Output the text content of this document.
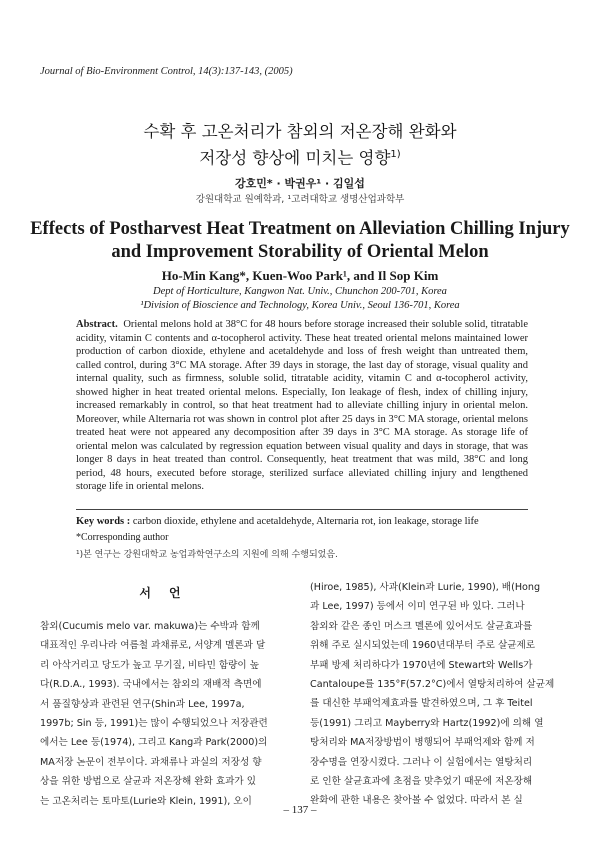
Journal of Bio-Environment Control, 14(3):137-143, (2005)
수확 후 고온처리가 참외의 저온장해 완화와
저장성 향상에 미치는 영향$^{1)}$
강호민* · 박권우¹ · 김일섭
강원대학교 원예학과, ¹고려대학교 생명산업과학부
Effects of Postharvest Heat Treatment on Alleviation Chilling Injury
and Improvement Storability of Oriental Melon
Ho-Min Kang*, Kuen-Woo Park¹, and Il Sop Kim
Dept of Horticulture, Kangwon Nat. Univ., Chunchon 200-701, Korea
¹Division of Bioscience and Technology, Korea Univ., Seoul 136-701, Korea
Abstract. Oriental melons hold at 38°C for 48 hours before storage increased their soluble solid, titratable acidity, vitamin C contents and α-tocopherol activity. These heat treated oriental melons maintained lower production of carbon dioxide, ethylene and acetaldehyde and loss of fresh weight than untreated them, called control, during 3°C MA storage. After 39 days in storage, the last day of storage, visual quality and internal quality, such as firmness, soluble solid, titratable acidity, vitamin C and α-tocopherol activity, showed higher in heat treated oriental melons. Especially, Ion leakage of flesh, index of chilling injury, increased remarkably in control, so that heat treatment had to alleviate chilling injury in oriental melon. Moreover, while Alternaria rot was shown in control plot after 25 days in 3°C MA storage, oriental melons treated heat were not appeared any decomposition after 39 days in 3°C MA storage. As storage life of oriental melon was calculated by regression equation between visual quality and days in storage, that was longer 8 days in heat treated than control. Consequently, heat treatment that was mild, 38°C and long period, 48 hours, executed before storage, sterilized surface alleviated chilling injury and lengthened storage life in oriental melons.
Key words : carbon dioxide, ethylene and acetaldehyde, Alternaria rot, ion leakage, storage life
*Corresponding author
¹)본 연구는 강원대학교 농업과학연구소의 지원에 의해 수행되었음.
서언
참외(Cucumis melo var. makuwa)는 수박과 함께
대표적인 우리나라 여름철 과채류로, 서양계 멜론과 달
리 아삭거리고 당도가 높고 무기질, 비타민 함량이 높
다(R.D.A., 1993). 국내에서는 참외의 재배적 측면에
서 품질향상과 관련된 연구(Shin과 Lee, 1997a,
1997b; Sin 등, 1991)는 많이 수행되었으나 저장관련
에서는 Lee 등(1974), 그리고 Kang과 Park(2000)의
MA저장 논문이 전부이다. 과채류나 과실의 저장성 향
상을 위한 방법으로 살균과 저온장해 완화 효과가 있
는 고온처리는 토마토(Lurie와 Klein, 1991), 오이
(Hiroe, 1985), 사과(Klein과 Lurie, 1990), 배(Hong
과 Lee, 1997) 등에서 이미 연구된 바 있다. 그러나
참외와 같은 종인 머스크 멜론에 있어서도 살균효과를
위해 주로 실시되었는데 1960년대부터 주로 살균제로
부패 방제 처리하다가 1970년에 Stewart와 Wells가
Cantaloupe를 135°F(57.2°C)에서 열탕처리하여 살균제
를 대신한 부패억제효과를 발견하였으며, 그 후 Teitel
등(1991) 그리고 Mayberry와 Hartz(1992)에 의해 열
탕처리와 MA저장방법이 병행되어 부패억제와 함께 저
장수명을 연장시켰다. 그러나 이 실험에서는 열탕처리
로 인한 살균효과에 초점을 맞추었기 때문에 저온장해
완화에 관한 내용은 찾아볼 수 없었다. 따라서 본 실
– 137 –
